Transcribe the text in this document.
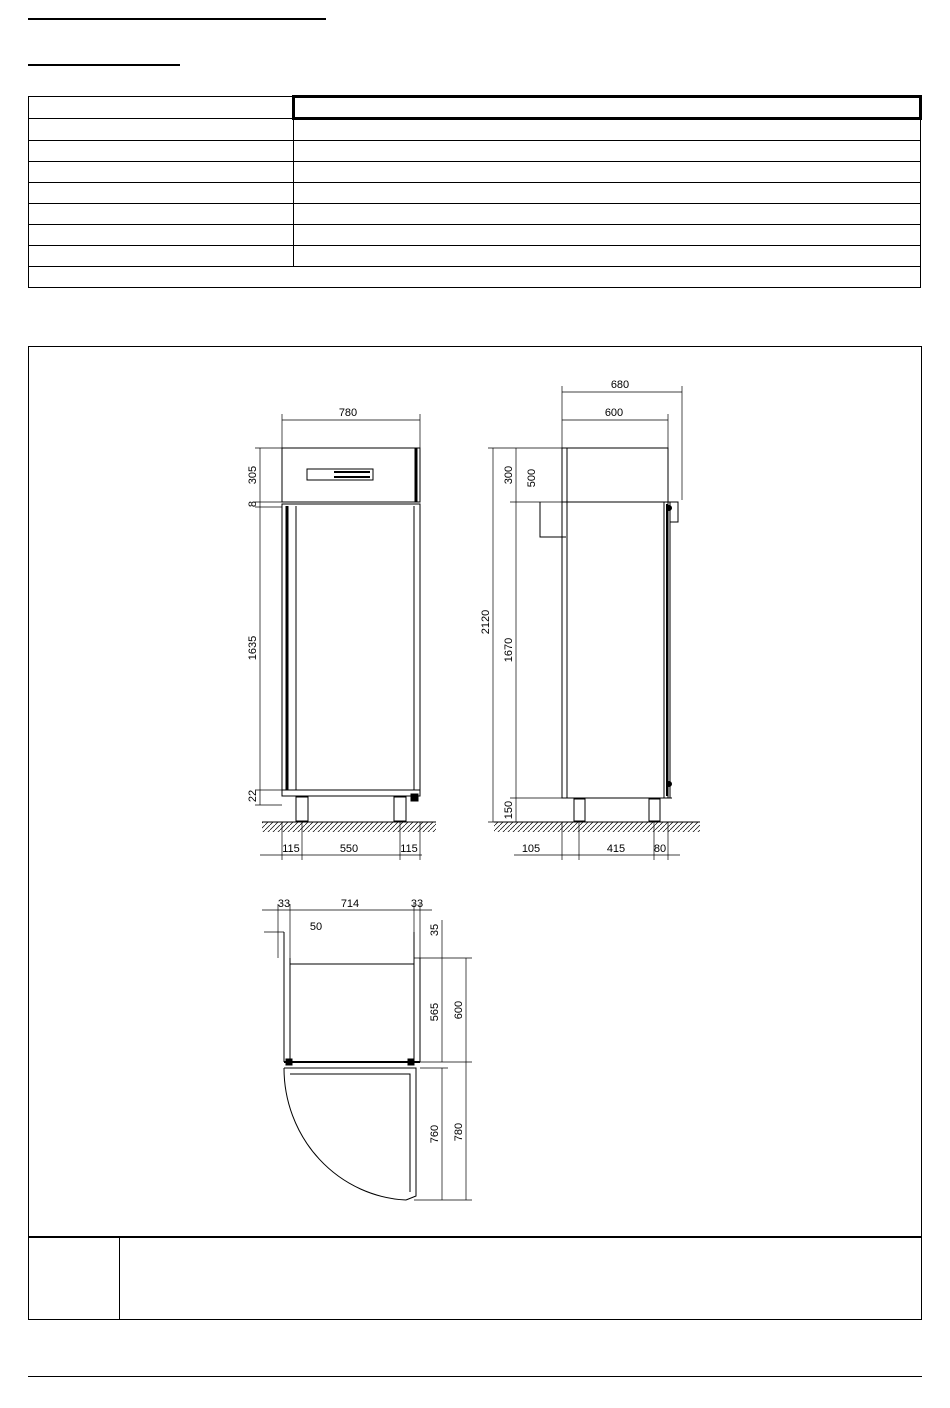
780
305
8
1635
22
115	550	115
680
600
300 500
2120
1670
150
105	415	80
33	714	33
50	35
565 600
760 780
